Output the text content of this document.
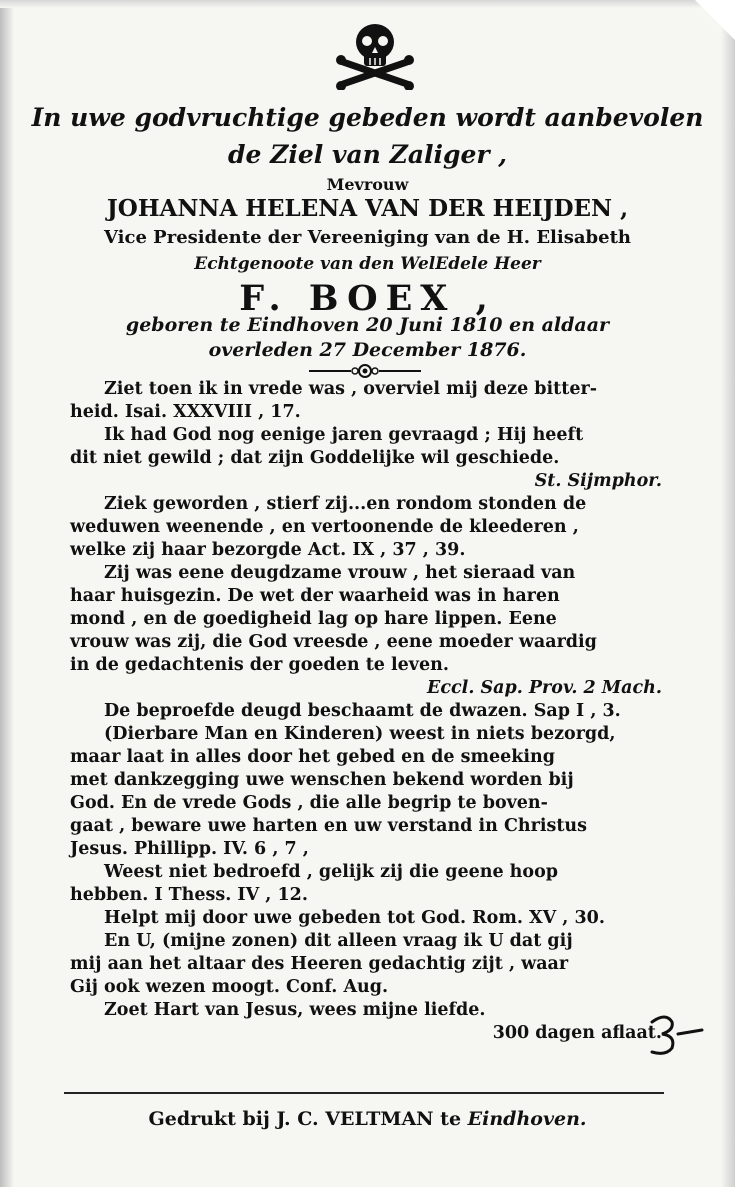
In uwe godvruchtige gebeden wordt aanbevolen
de Ziel van Zaliger ,
Mevrouw
JOHANNA HELENA VAN DER HEIJDEN ,
Vice Presidente der Vereeniging van de H. Elisabeth
Echtgenoote van den WelEdele Heer
F. BOEX ,
geboren te Eindhoven 20 Juni 1810 en aldaar
overleden 27 December 1876.

Ziet toen ik in vrede was , overviel mij deze bitter-

heid. Isai. XXXVIII , 17.

Ik had God nog eenige jaren gevraagd ; Hij heeft

dit niet gewild ; dat zijn Goddelijke wil geschiede.

St. Sijmphor.

Ziek geworden , stierf zij...en rondom stonden de

weduwen weenende , en vertoonende de kleederen ,

welke zij haar bezorgde Act. IX , 37 , 39.

Zij was eene deugdzame vrouw , het sieraad van

haar huisgezin. De wet der waarheid was in haren

mond , en de goedigheid lag op hare lippen. Eene

vrouw was zij, die God vreesde , eene moeder waardig

in de gedachtenis der goeden te leven.

Eccl. Sap. Prov. 2 Mach.

De beproefde deugd beschaamt de dwazen. Sap I , 3.

(Dierbare Man en Kinderen) weest in niets bezorgd,

maar laat in alles door het gebed en de smeeking

met dankzegging uwe wenschen bekend worden bij

God. En de vrede Gods , die alle begrip te boven-

gaat , beware uwe harten en uw verstand in Christus

Jesus. Phillipp. IV. 6 , 7 ,

Weest niet bedroefd , gelijk zij die geene hoop

hebben. I Thess. IV , 12.

Helpt mij door uwe gebeden tot God. Rom. XV , 30.

En U, (mijne zonen) dit alleen vraag ik U dat gij

mij aan het altaar des Heeren gedachtig zijt , waar

Gij ook wezen moogt. Conf. Aug.

Zoet Hart van Jesus, wees mijne liefde.

300 dagen aflaat.

Gedrukt bij J. C. VELTMAN te Eindhoven.
